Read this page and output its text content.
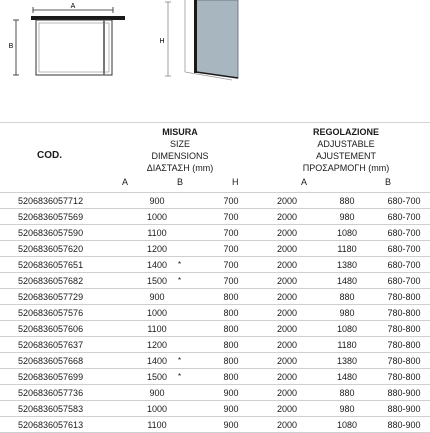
A
B
H
COD.
MISURA
SIZE
DIMENSIONS
ΔΙΑΣΤΑΣΗ (mm)
REGOLAZIONE
ADJUSTABLE
AJUSTEMENT
ΠΡΟΣΑΡΜΟΓΗ (mm)
A	B	H	A	B
5206836057712	900		700	2000	880	680-700
5206836057569	1000		700	2000	980	680-700
5206836057590	1100		700	2000	1080	680-700
5206836057620	1200		700	2000	1180	680-700
5206836057651	1400	*	700	2000	1380	680-700
5206836057682	1500	*	700	2000	1480	680-700
5206836057729	900		800	2000	880	780-800
5206836057576	1000		800	2000	980	780-800
5206836057606	1100		800	2000	1080	780-800
5206836057637	1200		800	2000	1180	780-800
5206836057668	1400	*	800	2000	1380	780-800
5206836057699	1500	*	800	2000	1480	780-800
5206836057736	900		900	2000	880	880-900
5206836057583	1000		900	2000	980	880-900
5206836057613	1100		900	2000	1080	880-900
